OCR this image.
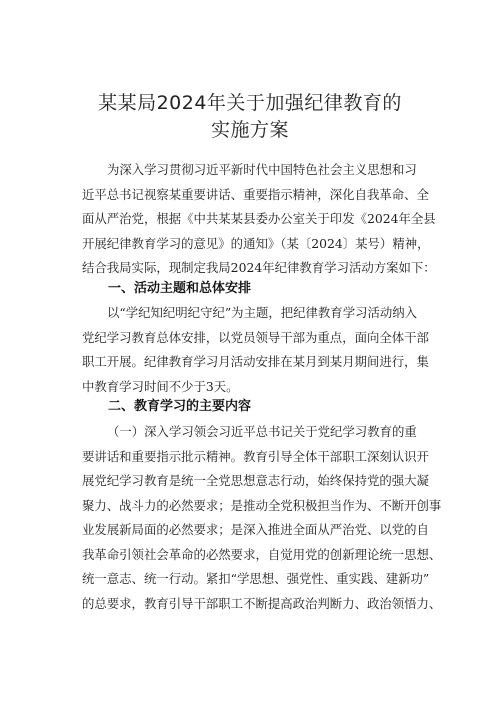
某某局2024年关于加强纪律教育的
实施方案
为深入学习贯彻习近平新时代中国特色社会主义思想和习
近平总书记视察某重要讲话、重要指示精神，深化自我革命、全
面从严治党，根据《中共某某县委办公室关于印发《2024年全县
开展纪律教育学习的意见》的通知》（某〔2024〕某号）精神，
结合我局实际，现制定我局2024年纪律教育学习活动方案如下：
一、活动主题和总体安排
以“学纪知纪明纪守纪”为主题，把纪律教育学习活动纳入
党纪学习教育总体安排，以党员领导干部为重点，面向全体干部
职工开展。纪律教育学习月活动安排在某月到某月期间进行，集
中教育学习时间不少于3天。
二、教育学习的主要内容
（一）深入学习领会习近平总书记关于党纪学习教育的重
要讲话和重要指示批示精神。教育引导全体干部职工深刻认识开
展党纪学习教育是统一全党思想意志行动，始终保持党的强大凝
聚力、战斗力的必然要求；是推动全党积极担当作为、不断开创事
业发展新局面的必然要求；是深入推进全面从严治党、以党的自
我革命引领社会革命的必然要求，自觉用党的创新理论统一思想、
统一意志、统一行动。紧扣“学思想、强党性、重实践、建新功”
的总要求，教育引导干部职工不断提高政治判断力、政治领悟力、
